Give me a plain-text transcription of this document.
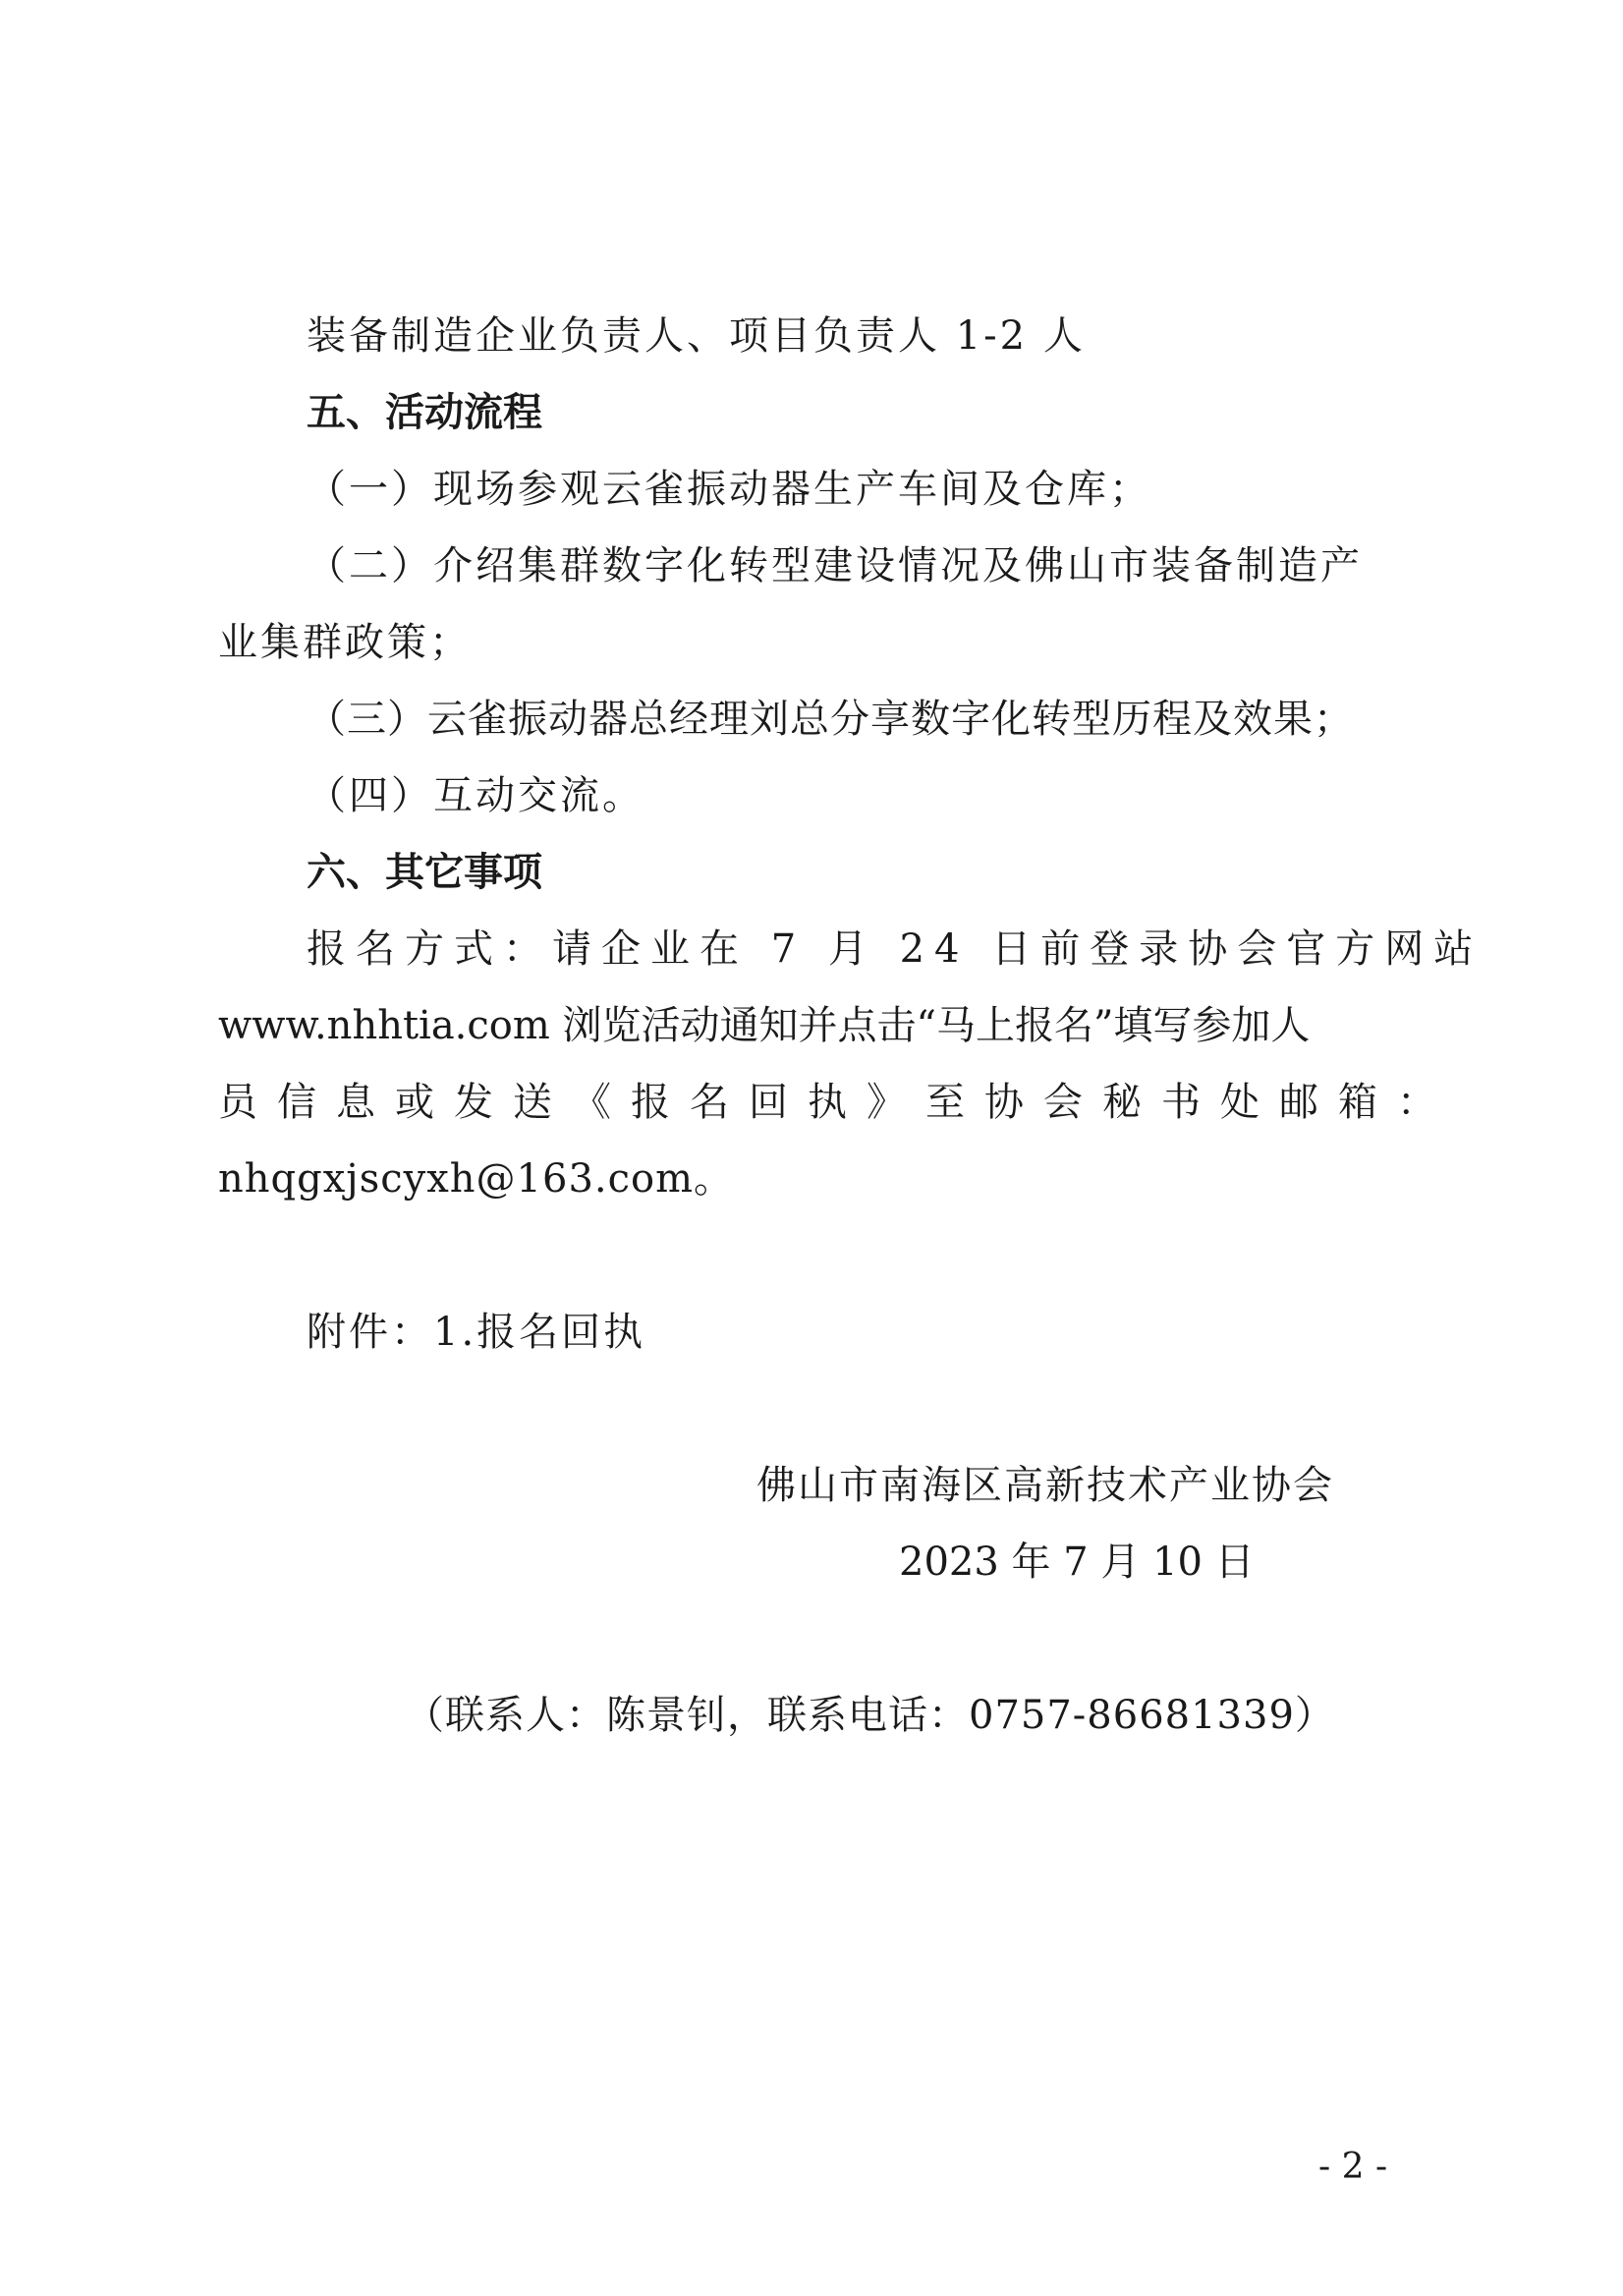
装备制造企业负责人、项目负责人 1-2 人
五、活动流程
（一）现场参观云雀振动器生产车间及仓库；
（二）介绍集群数字化转型建设情况及佛山市装备制造产
业集群政策；
（三）云雀振动器总经理刘总分享数字化转型历程及效果；
（四）互动交流。
六、其它事项
报名方式：请企业在 7 月 24 日前登录协会官方网站
www.nhhtia.com 浏览活动通知并点击“马上报名”填写参加人
员信息或发送《报名回执》至协会秘书处邮箱：
nhqgxjscyxh@163.com。
附件：1.报名回执
佛山市南海区高新技术产业协会
2023 年 7 月 10 日
（联系人：陈景钊，联系电话：0757-86681339）
- 2 -
